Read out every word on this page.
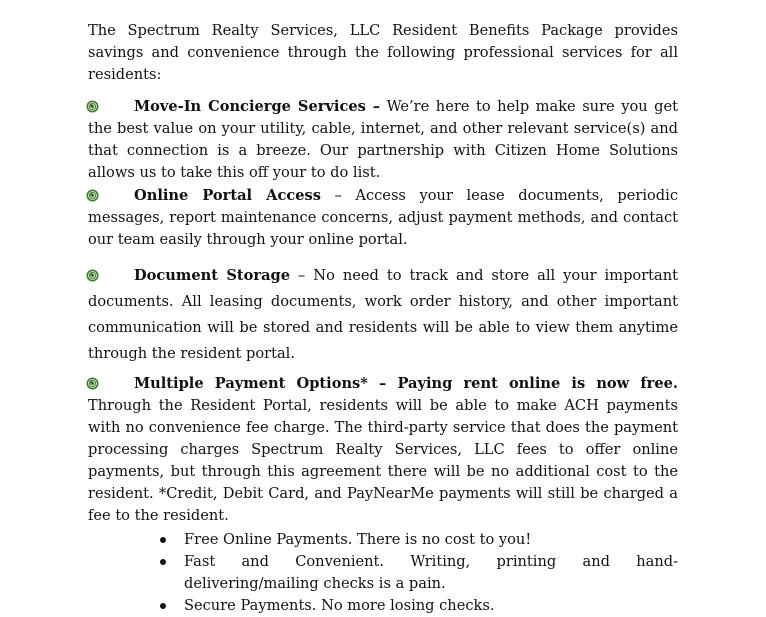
The Spectrum Realty Services, LLC Resident Benefits Package provides savings and convenience through the following professional services for all residents:

Move-In Concierge Services – We’re here to help make sure you get the best value on your utility, cable, internet, and other relevant service(s) and that connection is a breeze. Our partnership with Citizen Home Solutions allows us to take this off your to do list.

Online Portal Access – Access your lease documents, periodic messages, report maintenance concerns, adjust payment methods, and contact our team easily through your online portal.

Document Storage – No need to track and store all your important documents. All leasing documents, work order history, and other important communication will be stored and residents will be able to view them anytime through the resident portal.

Multiple Payment Options* – Paying rent online is now free. Through the Resident Portal, residents will be able to make ACH payments with no convenience fee charge. The third-party service that does the payment processing charges Spectrum Realty Services, LLC fees to offer online payments, but through this agreement there will be no additional cost to the resident. *Credit, Debit Card, and PayNearMe payments will still be charged a fee to the resident.

Free Online Payments. There is no cost to you!
Fast and Convenient. Writing, printing and hand-delivering/mailing checks is a pain.
Secure Payments. No more losing checks.
